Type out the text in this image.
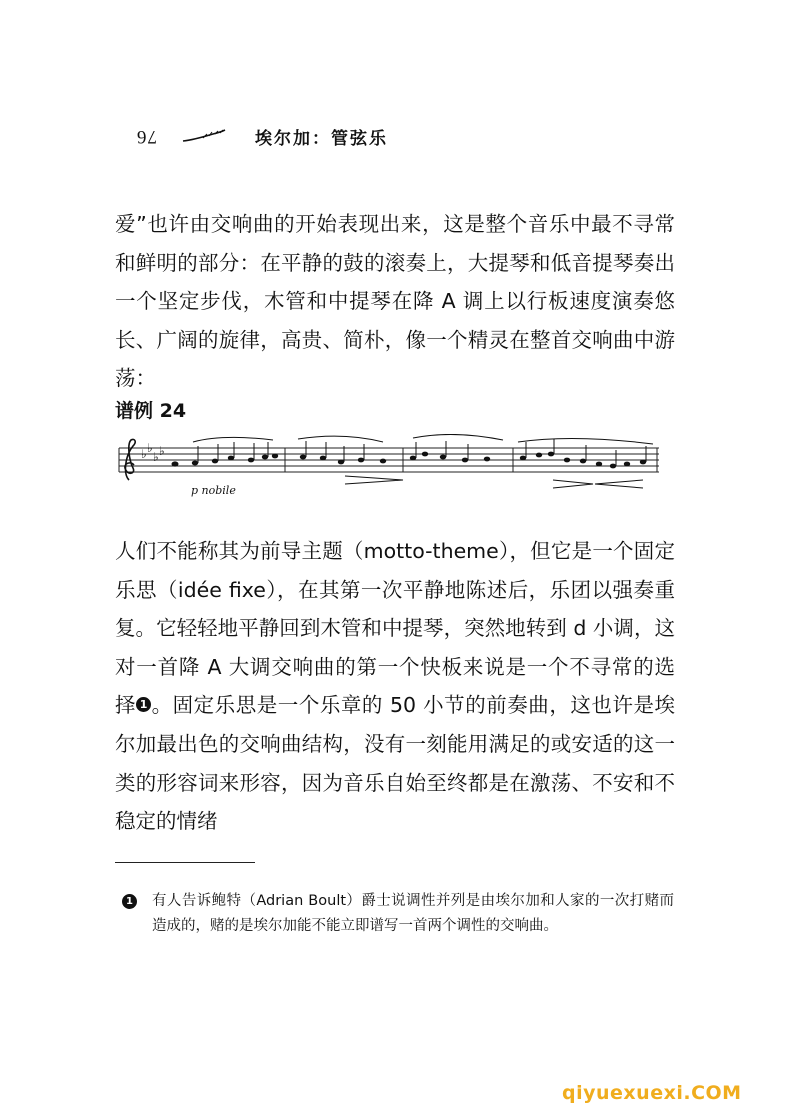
76	埃尔加：管弦乐

爱”也许由交响曲的开始表现出来，这是整个音乐中最不寻常和鲜明的部分：在平静的鼓的滚奏上，大提琴和低音提琴奏出一个坚定步伐，木管和中提琴在降 A 调上以行板速度演奏悠长、广阔的旋律，高贵、简朴，像一个精灵在整首交响曲中游荡：

谱例 24
♭ ♭
♭ ♭
p nobile

人们不能称其为前导主题（motto-theme），但它是一个固定乐思（idée fixe），在其第一次平静地陈述后，乐团以强奏重复。它轻轻地平静回到木管和中提琴，突然地转到 d 小调，这对一首降 A 大调交响曲的第一个快板来说是一个不寻常的选择 1 。固定乐思是一个乐章的 50 小节的前奏曲，这也许是埃尔加最出色的交响曲结构，没有一刻能用满足的或安适的这一类的形容词来形容，因为音乐自始至终都是在激荡、不安和不稳定的情绪

1 有人告诉鲍特（Adrian Boult）爵士说调性并列是由埃尔加和人家的一次打赌而造成的，赌的是埃尔加能不能立即谱写一首两个调性的交响曲。

qiyuexuexi.COM
